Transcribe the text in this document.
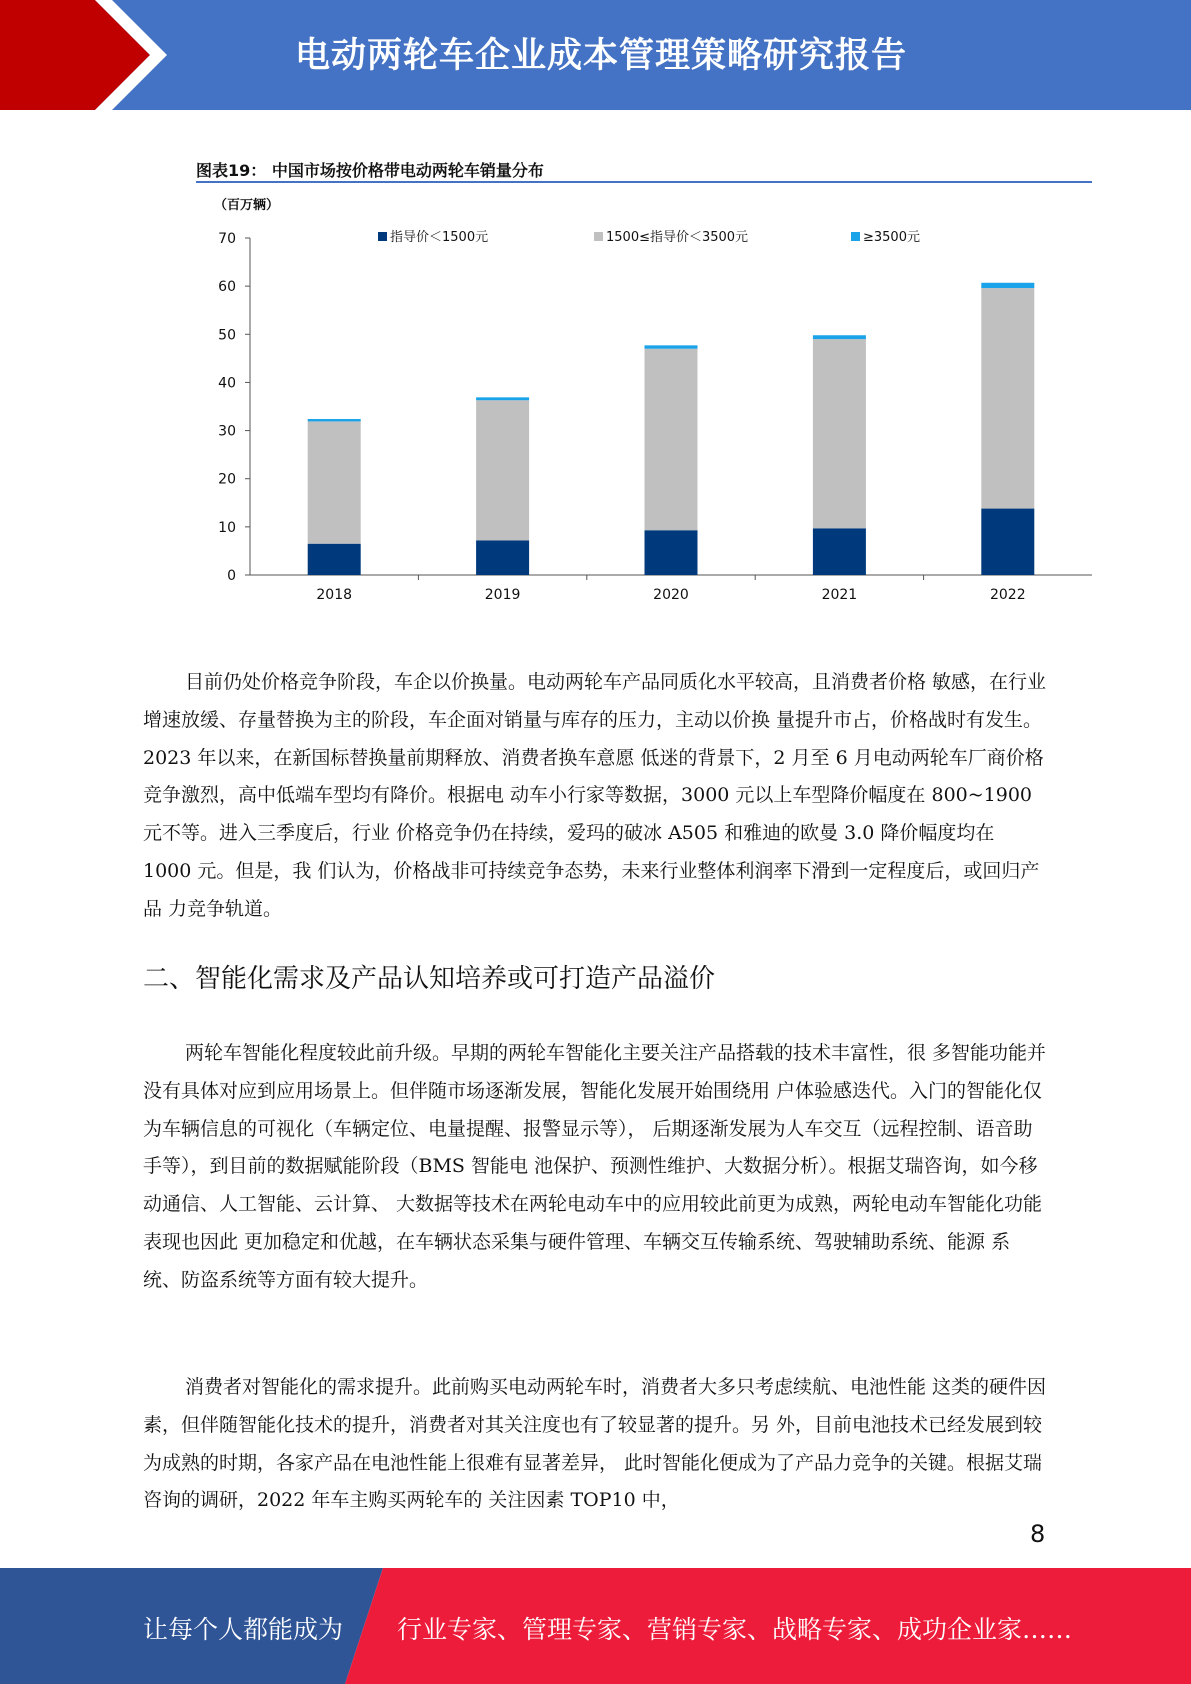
电动两轮车企业成本管理策略研究报告
图表19： 中国市场按价格带电动两轮车销量分布
（百万辆）
0
10
20
30
40
50
60
70
2018	2019	2020	2021	2022
指导价＜1500元	1500≤指导价＜3500元	≥3500元
目前仍处价格竞争阶段，车企以价换量。电动两轮车产品同质化水平较高，且消费者价格 敏感，在行业增速放缓、存量替换为主的阶段，车企面对销量与库存的压力，主动以价换 量提升市占，价格战时有发生。2023 年以来，在新国标替换量前期释放、消费者换车意愿 低迷的背景下，2 月至 6 月电动两轮车厂商价格竞争激烈，高中低端车型均有降价。根据电 动车小行家等数据，3000 元以上车型降价幅度在 800~1900 元不等。进入三季度后，行业 价格竞争仍在持续，爱玛的破冰 A505 和雅迪的欧曼 3.0 降价幅度均在 1000 元。但是，我 们认为，价格战非可持续竞争态势，未来行业整体利润率下滑到一定程度后，或回归产品 力竞争轨道。
二、智能化需求及产品认知培养或可打造产品溢价
两轮车智能化程度较此前升级。早期的两轮车智能化主要关注产品搭载的技术丰富性，很 多智能功能并没有具体对应到应用场景上。但伴随市场逐渐发展，智能化发展开始围绕用 户体验感迭代。入门的智能化仅为车辆信息的可视化（车辆定位、电量提醒、报警显示等）， 后期逐渐发展为人车交互（远程控制、语音助手等），到目前的数据赋能阶段（BMS 智能电 池保护、预测性维护、大数据分析）。根据艾瑞咨询，如今移动通信、人工智能、云计算、 大数据等技术在两轮电动车中的应用较此前更为成熟，两轮电动车智能化功能表现也因此 更加稳定和优越，在车辆状态采集与硬件管理、车辆交互传输系统、驾驶辅助系统、能源 系统、防盗系统等方面有较大提升。
消费者对智能化的需求提升。此前购买电动两轮车时，消费者大多只考虑续航、电池性能 这类的硬件因素，但伴随智能化技术的提升，消费者对其关注度也有了较显著的提升。另 外，目前电池技术已经发展到较为成熟的时期，各家产品在电池性能上很难有显著差异， 此时智能化便成为了产品力竞争的关键。根据艾瑞咨询的调研，2022 年车主购买两轮车的 关注因素 TOP10 中，
8
让每个人都能成为 行业专家、管理专家、营销专家、战略专家、成功企业家……
